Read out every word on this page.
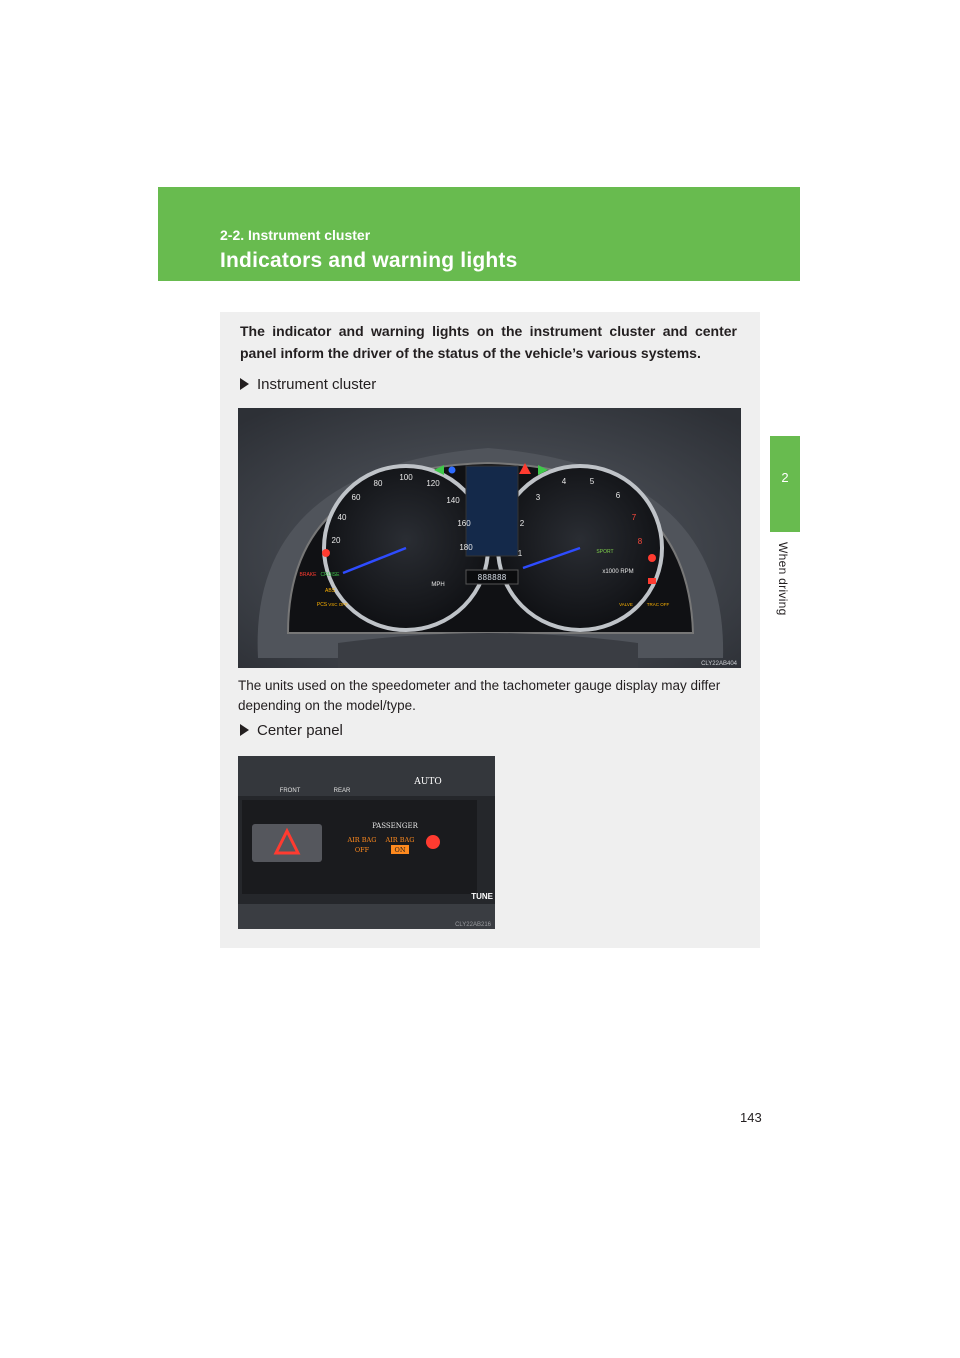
2-2. Instrument cluster
Indicators and warning lights
2
When driving
The indicator and warning lights on the instrument cluster and center panel inform the driver of the status of the vehicle’s various systems.
Instrument cluster
888888
100
80
60
40
20
120
140
160
180
MPH
1
2
3
4	5
6
7
8
x1000 RPM
SPORT
BRAKE CRUISE
ABS
PCS VSC OFF	VALVE	TRAC OFF
CLY22AB404
The units used on the speedometer and the tachometer gauge display may differ depending on the model/type.
Center panel
FRONT	REAR
AUTO
PASSENGER
AIR BAG
OFF
AIR BAG
ON
TUNE
CLY22AB216
143
